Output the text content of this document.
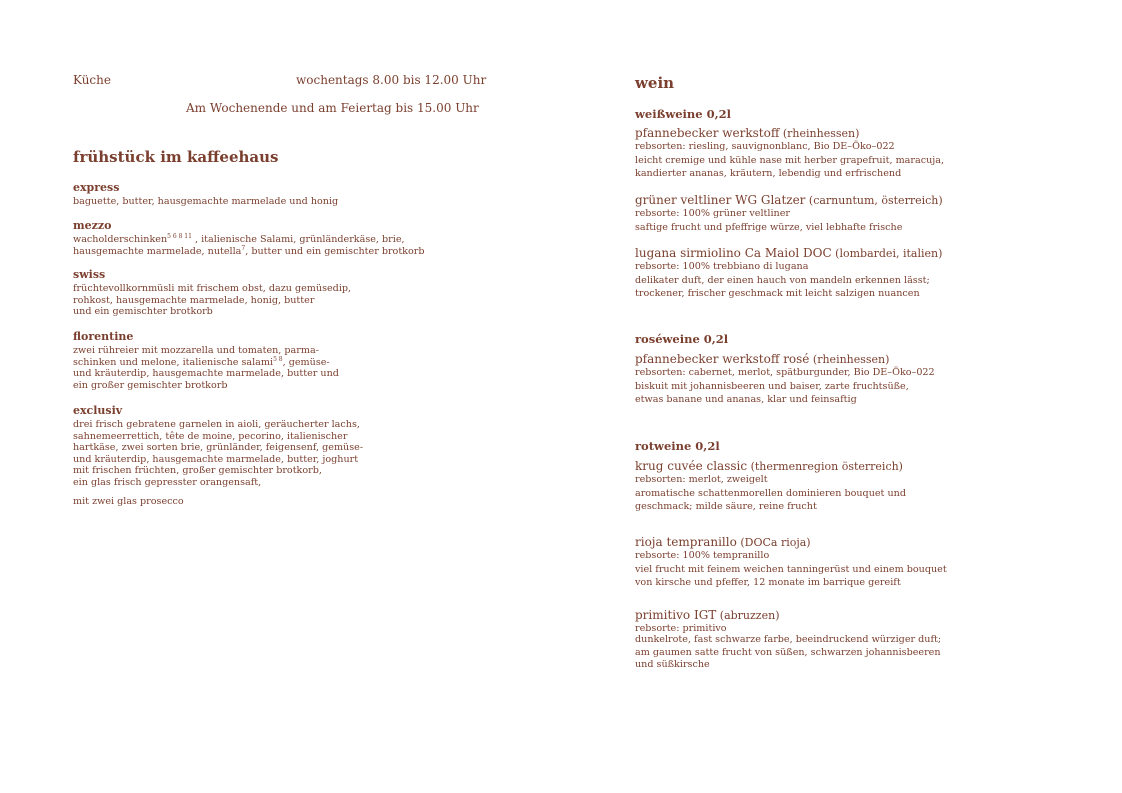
Küche	wochentags 8.00 bis 12.00 Uhr
Am Wochenende und am Feiertag bis 15.00 Uhr
frühstück im kaffeehaus

express

baguette, butter, hausgemachte marmelade und honig

mezzo

wacholderschinken$^{5 6 8 11}$ , italienische Salami, grünländerkäse, brie,
hausgemachte marmelade, nutella$^7$, butter und ein gemischter brotkorb

swiss

früchtevollkornmüsli mit frischem obst, dazu gemüsedip,
rohkost, hausgemachte marmelade, honig, butter
und ein gemischter brotkorb

florentine

zwei rühreier mit mozzarella und tomaten, parma-
schinken und melone, italienische salami$^{5 8}$, gemüse-
und kräuterdip, hausgemachte marmelade, butter und
ein großer gemischter brotkorb

exclusiv

drei frisch gebratene garnelen in aioli, geräucherter lachs,
sahnemeerrettich, tête de moine, pecorino, italienischer
hartkäse, zwei sorten brie, grünländer, feigensenf, gemüse-
und kräuterdip, hausgemachte marmelade, butter, joghurt
mit frischen früchten, großer gemischter brotkorb,
ein glas frisch gepresster orangensaft,

mit zwei glas prosecco

wein
weißweine 0,2l

pfannebecker werkstoff (rheinhessen)

rebsorten: riesling, sauvignonblanc, Bio DE–Öko–022

leicht cremige und kühle nase mit herber grapefruit, maracuja,
kandierter ananas, kräutern, lebendig und erfrischend

grüner veltliner WG Glatzer (carnuntum, österreich)

rebsorte: 100% grüner veltliner

saftige frucht und pfeffrige würze, viel lebhafte frische

lugana sirmiolino Ca Maiol DOC (lombardei, italien)

rebsorte: 100% trebbiano di lugana

delikater duft, der einen hauch von mandeln erkennen lässt;
trockener, frischer geschmack mit leicht salzigen nuancen

roséweine 0,2l

pfannebecker werkstoff rosé (rheinhessen)

rebsorten: cabernet, merlot, spätburgunder, Bio DE–Öko–022

biskuit mit johannisbeeren und baiser, zarte fruchtsüße,
etwas banane und ananas, klar und feinsaftig

rotweine 0,2l

krug cuvée classic (thermenregion österreich)

rebsorten: merlot, zweigelt

aromatische schattenmorellen dominieren bouquet und
geschmack; milde säure, reine frucht

rioja tempranillo (DOCa rioja)

rebsorte: 100% tempranillo

viel frucht mit feinem weichen tanningerüst und einem bouquet
von kirsche und pfeffer, 12 monate im barrique gereift

primitivo IGT (abruzzen)

rebsorte: primitivo

dunkelrote, fast schwarze farbe, beeindruckend würziger duft;
am gaumen satte frucht von süßen, schwarzen johannisbeeren
und süßkirsche
